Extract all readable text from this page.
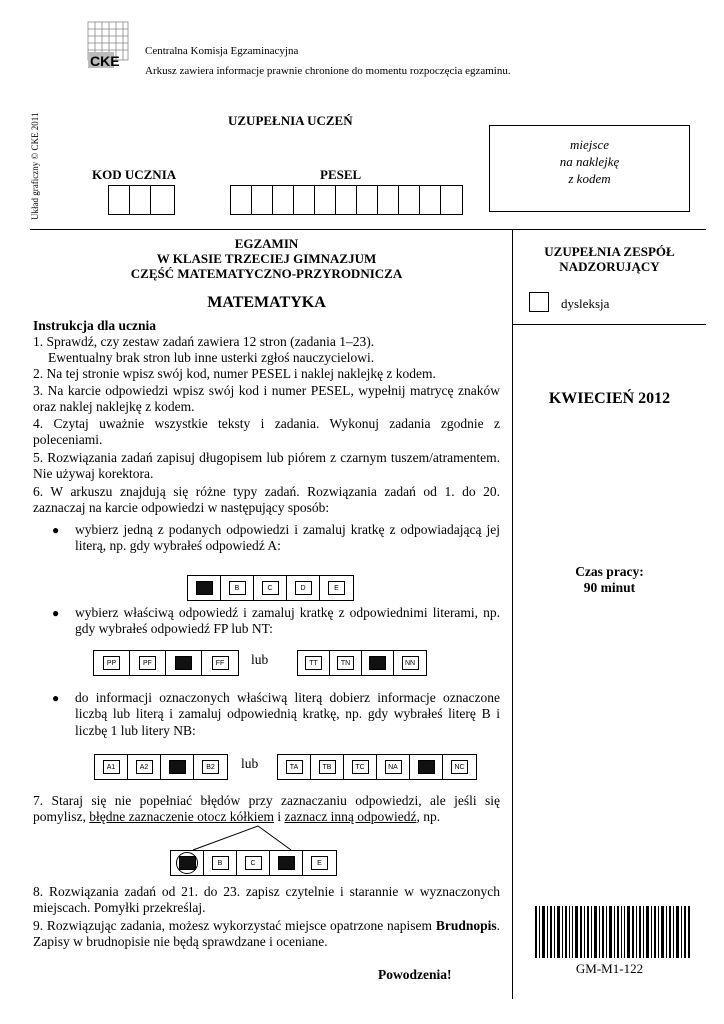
CKE
Centralna Komisja Egzaminacyjna
Arkusz zawiera informacje prawnie chronione do momentu rozpoczęcia egzaminu.
Układ graficzny © CKE 2011	UZUPEŁNIA UCZEŃ
KOD UCZNIA	PESEL
miejsce
na naklejkę
z kodem
EGZAMIN
W KLASIE TRZECIEJ GIMNAZJUM
CZĘŚĆ MATEMATYCZNO-PRZYRODNICZA
MATEMATYKA
UZUPEŁNIA ZESPÓŁ
NADZORUJĄCY
dysleksja
KWIECIEŃ 2012
Czas pracy:
90 minut
GM-M1-122
Instrukcja dla ucznia
1. Sprawdź, czy zestaw zadań zawiera 12 stron (zadania 1–23).
Ewentualny brak stron lub inne usterki zgłoś nauczycielowi.
2. Na tej stronie wpisz swój kod, numer PESEL i naklej naklejkę z kodem.
3. Na karcie odpowiedzi wpisz swój kod i numer PESEL, wypełnij matrycę znaków oraz naklej naklejkę z kodem.
4. Czytaj uważnie wszystkie teksty i zadania. Wykonuj zadania zgodnie z poleceniami.
5. Rozwiązania zadań zapisuj długopisem lub piórem z czarnym tuszem/atramentem. Nie używaj korektora.
6. W arkuszu znajdują się różne typy zadań. Rozwiązania zadań od 1. do 20. zaznaczaj na karcie odpowiedzi w następujący sposób:
● wybierz jedną z podanych odpowiedzi i zamaluj kratkę z odpowiadającą jej literą, np. gdy wybrałeś odpowiedź A:
B	C	D	E
● wybierz właściwą odpowiedź i zamaluj kratkę z odpowiednimi literami, np. gdy wybrałeś odpowiedź FP lub NT:
PP	PF	FF	lub	TT	TN	NN
● do informacji oznaczonych właściwą literą dobierz informacje oznaczone liczbą lub literą i zamaluj odpowiednią kratkę, np. gdy wybrałeś literę B i liczbę 1 lub litery NB:
A1	A2	B2	lub	TA	TB	TC	NA	NC
7. Staraj się nie popełniać błędów przy zaznaczaniu odpowiedzi, ale jeśli się pomylisz, błędne zaznaczenie otocz kółkiem i zaznacz inną odpowiedź, np.
B	C	E
8. Rozwiązania zadań od 21. do 23. zapisz czytelnie i starannie w wyznaczonych miejscach. Pomyłki przekreślaj.
9. Rozwiązując zadania, możesz wykorzystać miejsce opatrzone napisem Brudnopis. Zapisy w brudnopisie nie będą sprawdzane i oceniane.
Powodzenia!
